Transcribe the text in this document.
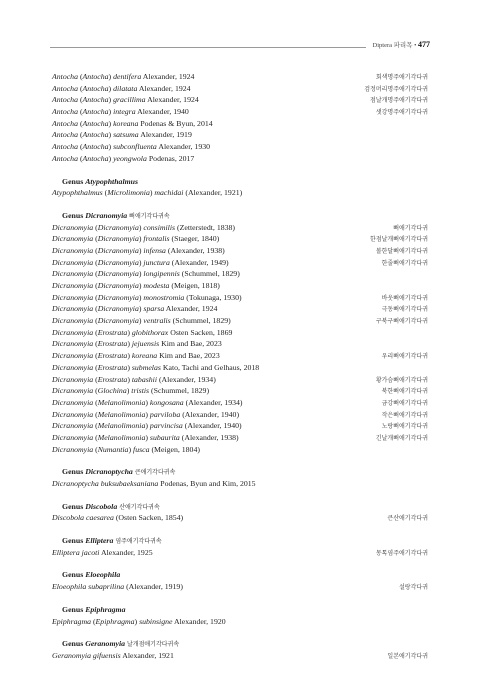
Diptera 파리목 • 477
Antocha (Antocha) dentifera Alexander, 1924	회색명주애기각다귀
Antocha (Antocha) dilatata Alexander, 1924	검정머리명주애기각다귀
Antocha (Antocha) gracillima Alexander, 1924	점날개명주애기각다귀
Antocha (Antocha) integra Alexander, 1940	샛강명주애기각다귀
Antocha (Antocha) koreana Podenas & Byun, 2014
Antocha (Antocha) satsuma Alexander, 1919
Antocha (Antocha) subconfluenta Alexander, 1930
Antocha (Antocha) yeongwola Podenas, 2017
Genus Atypophthalmus
Atypophthalmus (Microlimonia) machidai (Alexander, 1921)
Genus Dicranomyia 뻐애기각다귀속
Dicranomyia (Dicranomyia) consimilis (Zetterstedt, 1838)	뻐애기각다귀
Dicranomyia (Dicranomyia) frontalis (Staeger, 1840)	한점날개뻐애기각다귀
Dicranomyia (Dicranomyia) infensa (Alexander, 1938)	볼한달뻐애기각다귀
Dicranomyia (Dicranomyia) junctura (Alexander, 1949)	한줄뻐애기각다귀
Dicranomyia (Dicranomyia) longipennis (Schummel, 1829)
Dicranomyia (Dicranomyia) modesta (Meigen, 1818)
Dicranomyia (Dicranomyia) monostromia (Tokunaga, 1930)	바웃뻐애기각다귀
Dicranomyia (Dicranomyia) sparsa Alexander, 1924	극동뻐애기각다귀
Dicranomyia (Dicranomyia) ventralis (Schummel, 1829)	구북구뻐애기각다귀
Dicranomyia (Erostrata) globithorax Osten Sacken, 1869
Dicranomyia (Erostrata) jejuensis Kim and Bae, 2023
Dicranomyia (Erostrata) koreana Kim and Bae, 2023	우리뻐애기각다귀
Dicranomyia (Erostrata) submelas Kato, Tachi and Gelhaus, 2018
Dicranomyia (Erostrata) tabashii (Alexander, 1934)	황가슴뻐애기각다귀
Dicranomyia (Glochina) tristis (Schummel, 1829)	북한뻐애기각다귀
Dicranomyia (Melanolimonia) kongosana (Alexander, 1934)	금강뻐애기각다귀
Dicranomyia (Melanolimonia) parviloba (Alexander, 1940)	작은뻐애기각다귀
Dicranomyia (Melanolimonia) parvincisa (Alexander, 1940)	노랑뻐애기각다귀
Dicranomyia (Melanolimonia) subaurita (Alexander, 1938)	긴날개뻐애기각다귀
Dicranomyia (Numantia) fusca (Meigen, 1804)
Genus Dicranoptycha 큰애기각다귀속
Dicranoptycha buksubaeksaniana Podenas, Byun and Kim, 2015
Genus Discobola 산애기각다귀속
Discobola caesarea (Osten Sacken, 1854)	큰산애기각다귀
Genus Elliptera 염주애기각다귀속
Elliptera jacoti Alexander, 1925	몽톡염주애기각다귀
Genus Eloeophila
Eloeophila subaprilina (Alexander, 1919)	설랑각다귀
Genus Epiphragma
Epiphragma (Epiphragma) subinsigne Alexander, 1920
Genus Geranomyia 날개점애기각다귀속
Geranomyia gifuensis Alexander, 1921	일본애기각다귀
